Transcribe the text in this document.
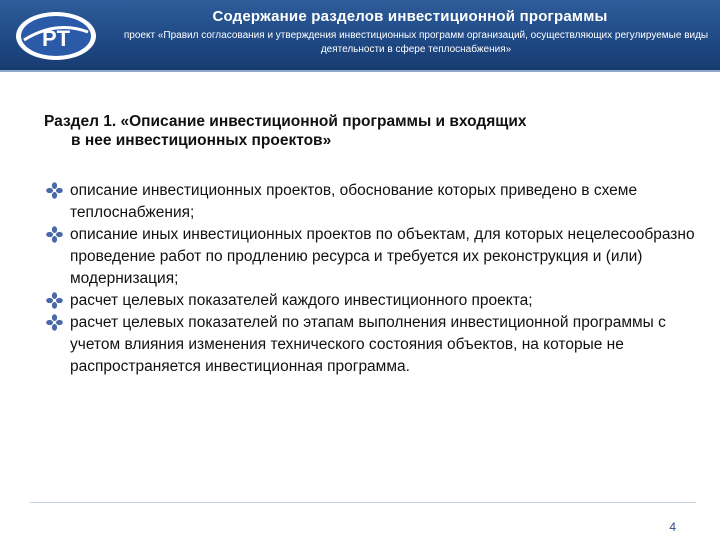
PT
Содержание разделов инвестиционной программы
проект «Правил согласования и утверждения инвестиционных программ организаций, осуществляющих регулируемые виды деятельности в сфере теплоснабжения»
Раздел 1. «Описание инвестиционной программы и входящих
в нее инвестиционных проектов»
описание инвестиционных проектов, обоснование которых приведено в схеме теплоснабжения;
описание иных инвестиционных проектов по объектам, для которых нецелесообразно проведение работ по продлению ресурса и требуется их реконструкция и (или) модернизация;
расчет целевых показателей каждого инвестиционного проекта;
расчет целевых показателей по этапам выполнения инвестиционной программы с учетом влияния изменения технического состояния объектов, на которые не распространяется инвестиционная программа.
4
